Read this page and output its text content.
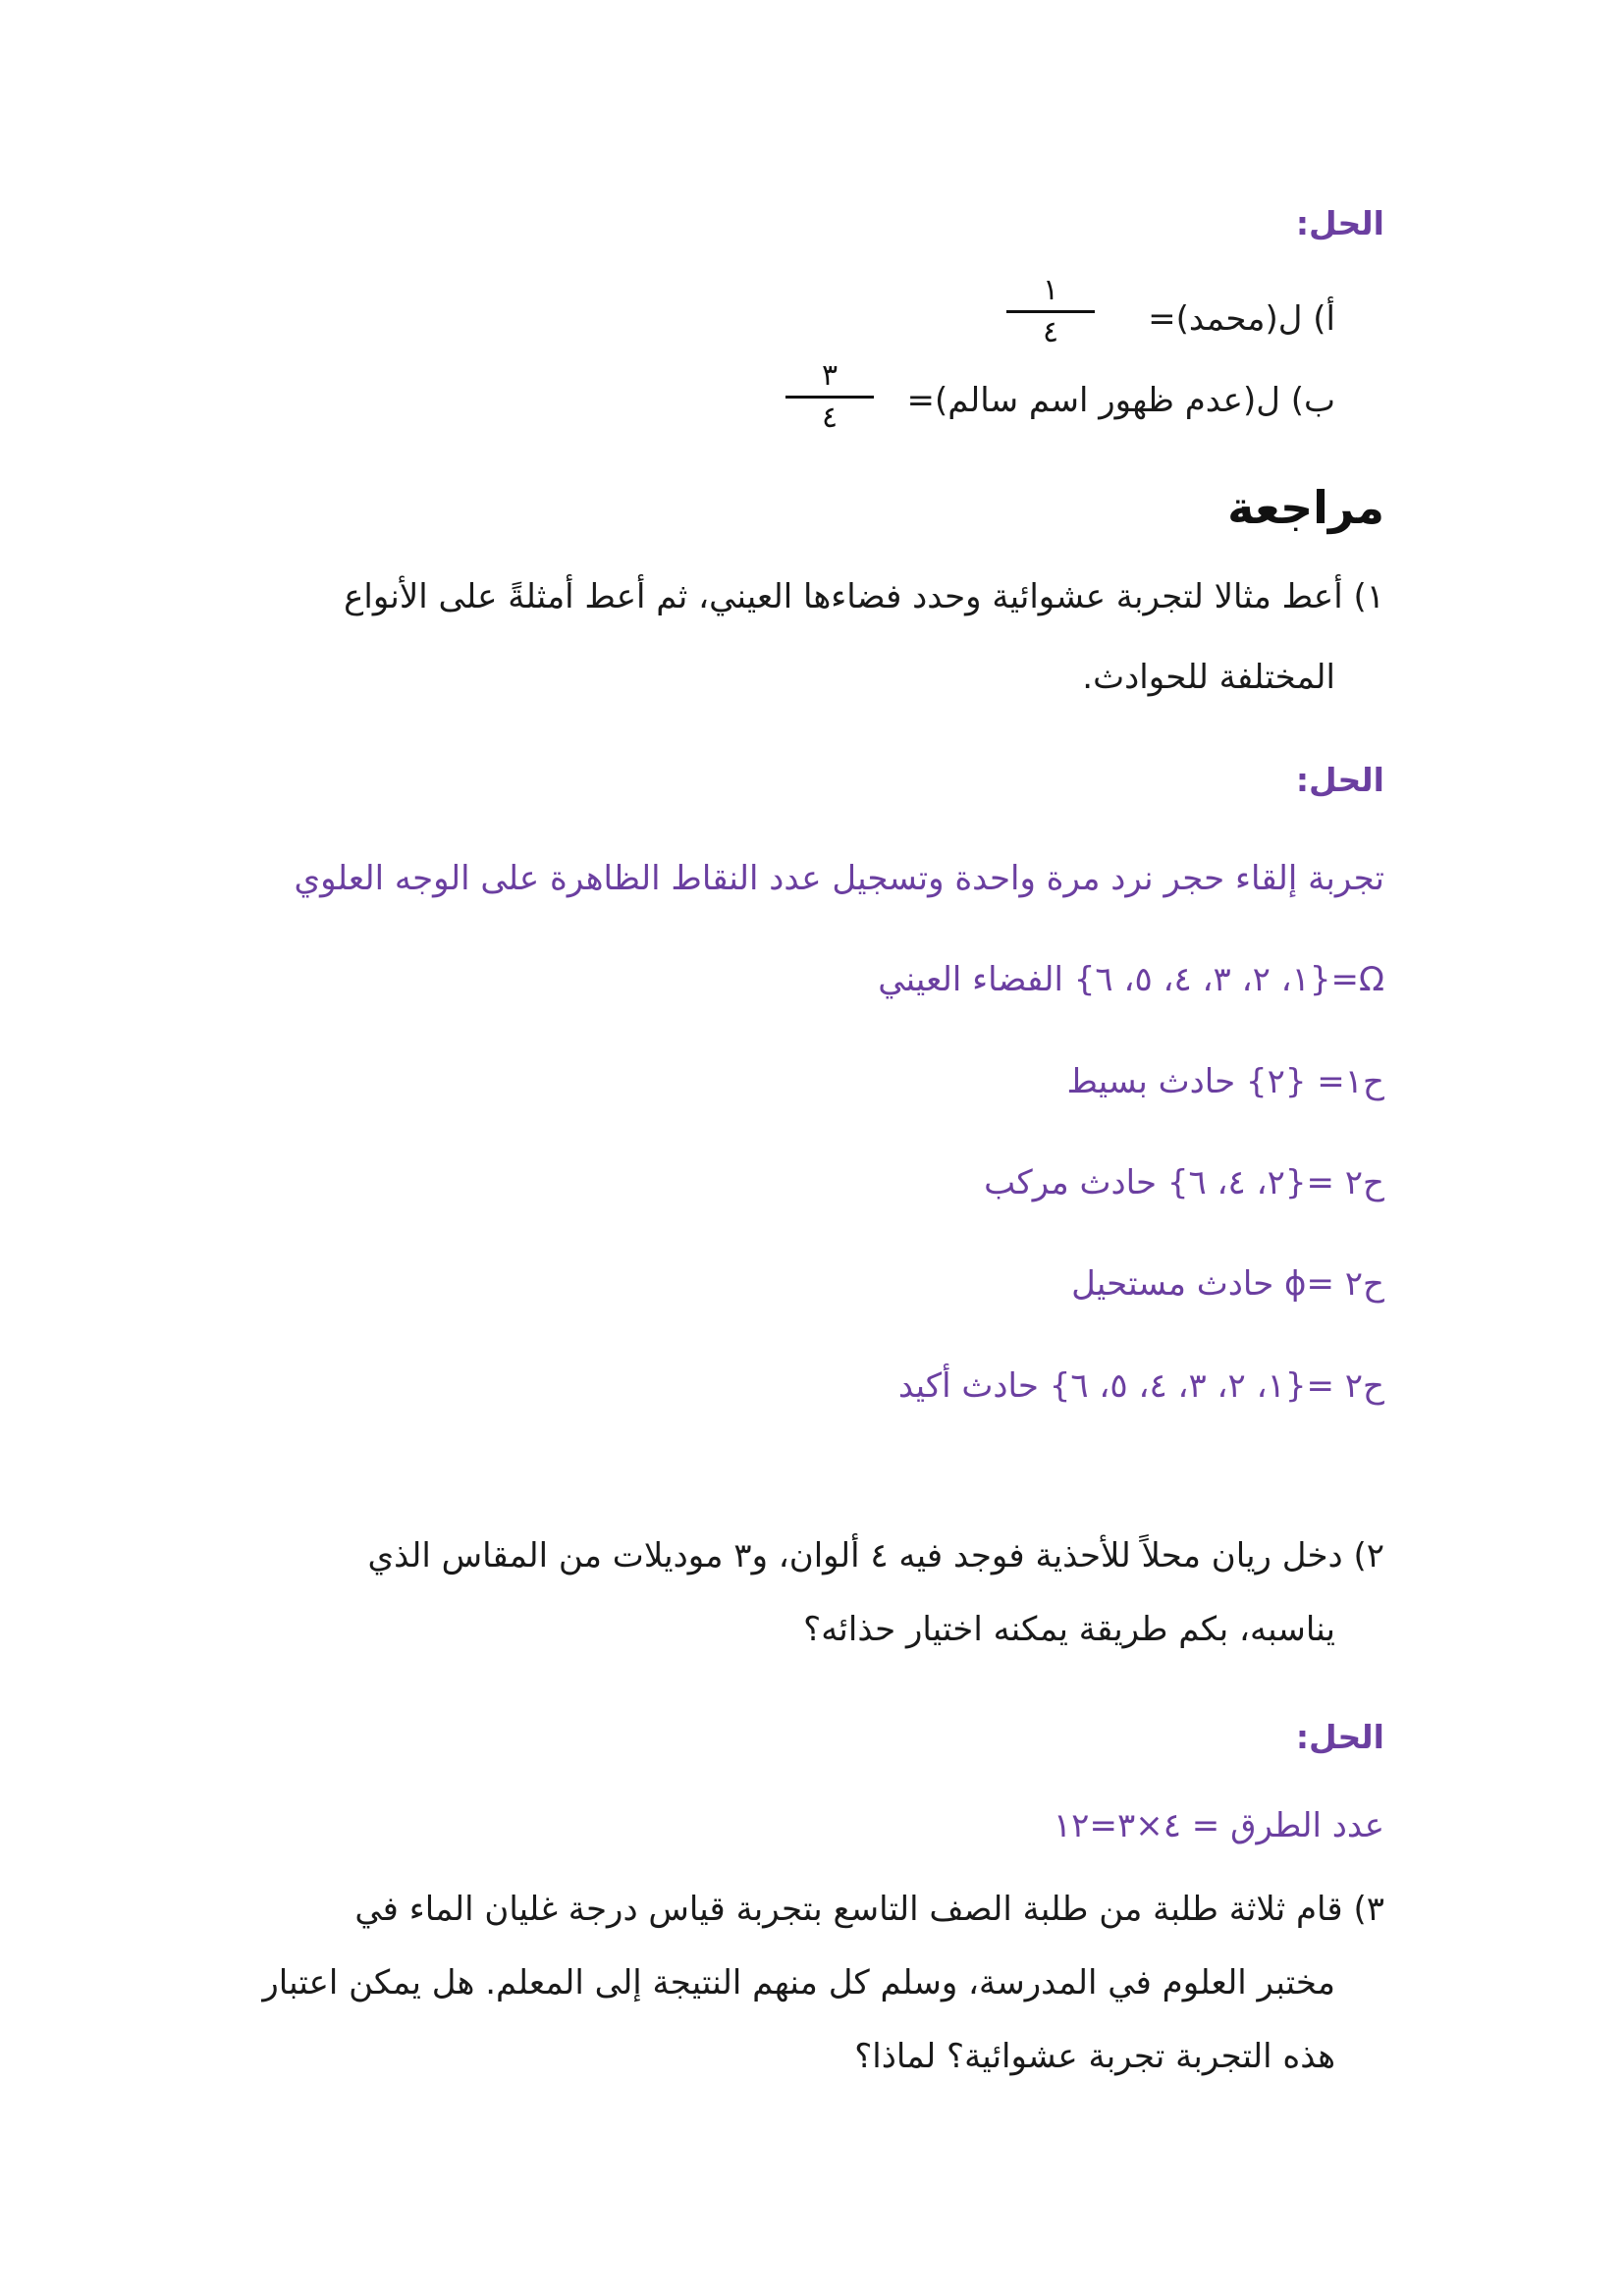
الحل:
أ) ل(محمد)=
١
٤
ب) ل(عدم ظهور اسم سالم)=
٣
٤
مراجعة
١) أعط مثالا لتجربة عشوائية وحدد فضاءها العيني، ثم أعط أمثلةً على الأنواع
المختلفة للحوادث.
الحل:
تجربة إلقاء حجر نرد مرة واحدة وتسجيل عدد النقاط الظاهرة على الوجه العلوي
Ω={١، ٢، ٣، ٤، ٥، ٦} الفضاء العيني
ح١= {٢} حادث بسيط
ح٢ ={٢، ٤، ٦} حادث مركب
ح٢ =ϕ حادث مستحيل
ح٢ ={١، ٢، ٣، ٤، ٥، ٦} حادث أكيد
٢) دخل ريان محلاً للأحذية فوجد فيه ٤ ألوان، و٣ موديلات من المقاس الذي
يناسبه، بكم طريقة يمكنه اختيار حذائه؟
الحل:
عدد الطرق = ٤×٣=١٢
٣) قام ثلاثة طلبة من طلبة الصف التاسع بتجربة قياس درجة غليان الماء في
مختبر العلوم في المدرسة، وسلم كل منهم النتيجة إلى المعلم. هل يمكن اعتبار
هذه التجربة تجربة عشوائية؟ لماذا؟
